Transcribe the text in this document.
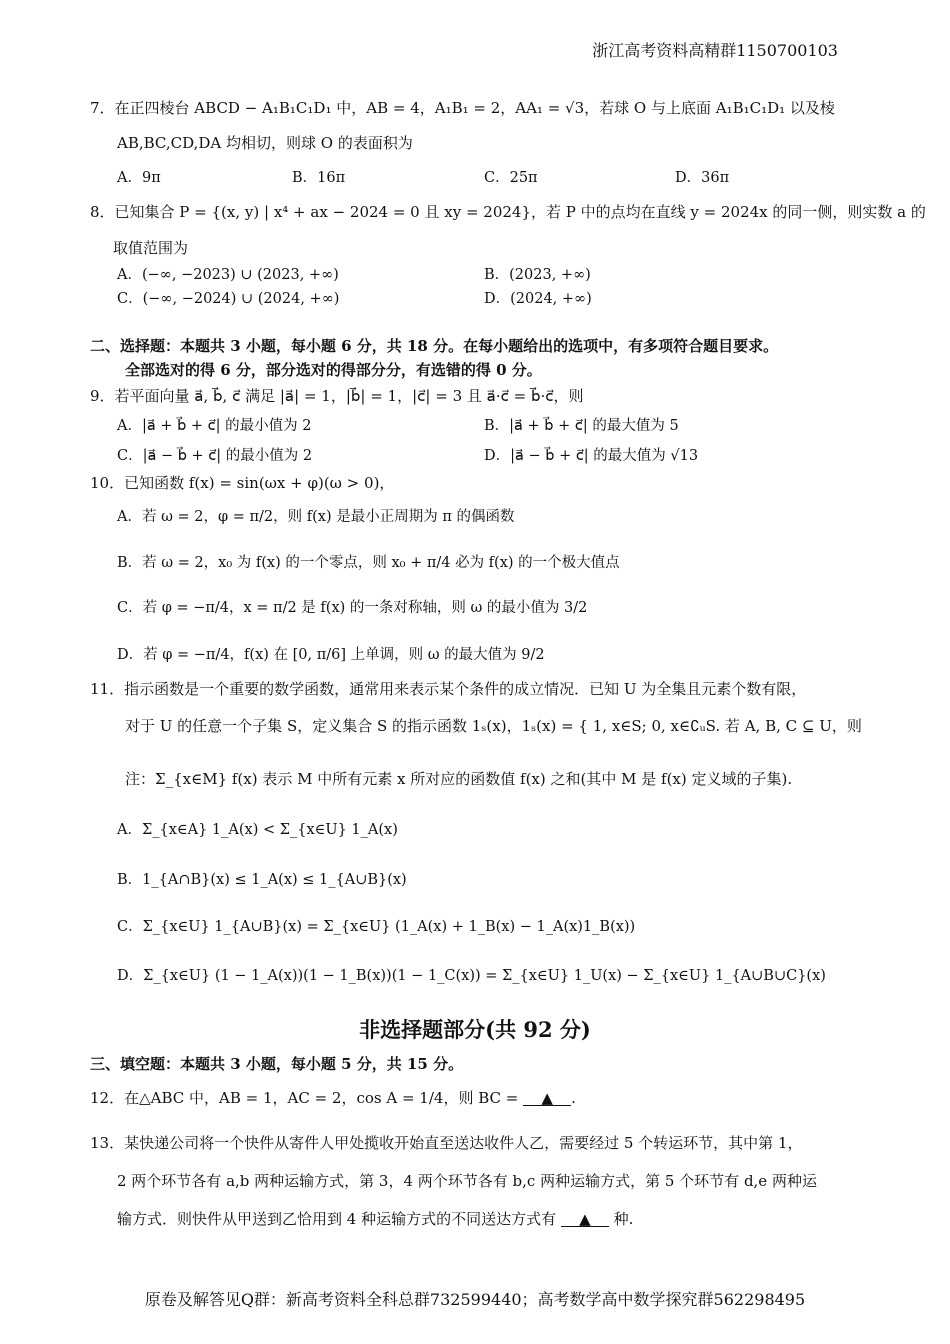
浙江高考资料高精群1150700103
7．在正四棱台 ABCD − A₁B₁C₁D₁ 中，AB = 4，A₁B₁ = 2，AA₁ = √3，若球 O 与上底面 A₁B₁C₁D₁ 以及棱
AB,BC,CD,DA 均相切，则球 O 的表面积为
A．9π	B．16π	C．25π	D．36π
8．已知集合 P = {(x, y) | x⁴ + ax − 2024 = 0 且 xy = 2024}，若 P 中的点均在直线 y = 2024x 的同一侧，则实数 a 的
取值范围为
A．(−∞, −2023) ∪ (2023, +∞)	B．(2023, +∞)
C．(−∞, −2024) ∪ (2024, +∞)	D．(2024, +∞)
二、选择题：本题共 3 小题，每小题 6 分，共 18 分。在每小题给出的选项中，有多项符合题目要求。
全部选对的得 6 分，部分选对的得部分分，有选错的得 0 分。
9．若平面向量 a⃗, b⃗, c⃗ 满足 |a⃗| = 1，|b⃗| = 1，|c⃗| = 3 且 a⃗·c⃗ = b⃗·c⃗，则
A．|a⃗ + b⃗ + c⃗| 的最小值为 2	B．|a⃗ + b⃗ + c⃗| 的最大值为 5
C．|a⃗ − b⃗ + c⃗| 的最小值为 2	D．|a⃗ − b⃗ + c⃗| 的最大值为 √13
10．已知函数 f(x) = sin(ωx + φ)(ω > 0)，
A．若 ω = 2，φ = π/2，则 f(x) 是最小正周期为 π 的偶函数
B．若 ω = 2，x₀ 为 f(x) 的一个零点，则 x₀ + π/4 必为 f(x) 的一个极大值点
C．若 φ = −π/4，x = π/2 是 f(x) 的一条对称轴，则 ω 的最小值为 3/2
D．若 φ = −π/4，f(x) 在 [0, π/6] 上单调，则 ω 的最大值为 9/2
11．指示函数是一个重要的数学函数，通常用来表示某个条件的成立情况．已知 U 为全集且元素个数有限，
对于 U 的任意一个子集 S，定义集合 S 的指示函数 1ₛ(x)，1ₛ(x) = { 1, x∈S; 0, x∈∁ᵤS. 若 A, B, C ⊆ U，则
注：Σ_{x∈M} f(x) 表示 M 中所有元素 x 所对应的函数值 f(x) 之和(其中 M 是 f(x) 定义域的子集).
A．Σ_{x∈A} 1_A(x) < Σ_{x∈U} 1_A(x)
B．1_{A∩B}(x) ≤ 1_A(x) ≤ 1_{A∪B}(x)
C．Σ_{x∈U} 1_{A∪B}(x) = Σ_{x∈U} (1_A(x) + 1_B(x) − 1_A(x)1_B(x))
D．Σ_{x∈U} (1 − 1_A(x))(1 − 1_B(x))(1 − 1_C(x)) = Σ_{x∈U} 1_U(x) − Σ_{x∈U} 1_{A∪B∪C}(x)
非选择题部分(共 92 分)
三、填空题：本题共 3 小题，每小题 5 分，共 15 分。
12．在△ABC 中，AB = 1，AC = 2，cos A = 1/4，则 BC = ▲ .
13．某快递公司将一个快件从寄件人甲处揽收开始直至送达收件人乙，需要经过 5 个转运环节，其中第 1，
2 两个环节各有 a,b 两种运输方式，第 3，4 两个环节各有 b,c 两种运输方式，第 5 个环节有 d,e 两种运
输方式．则快件从甲送到乙恰用到 4 种运输方式的不同送达方式有 ▲ 种.
原卷及解答见Q群：新高考资料全科总群732599440；高考数学高中数学探究群562298495
